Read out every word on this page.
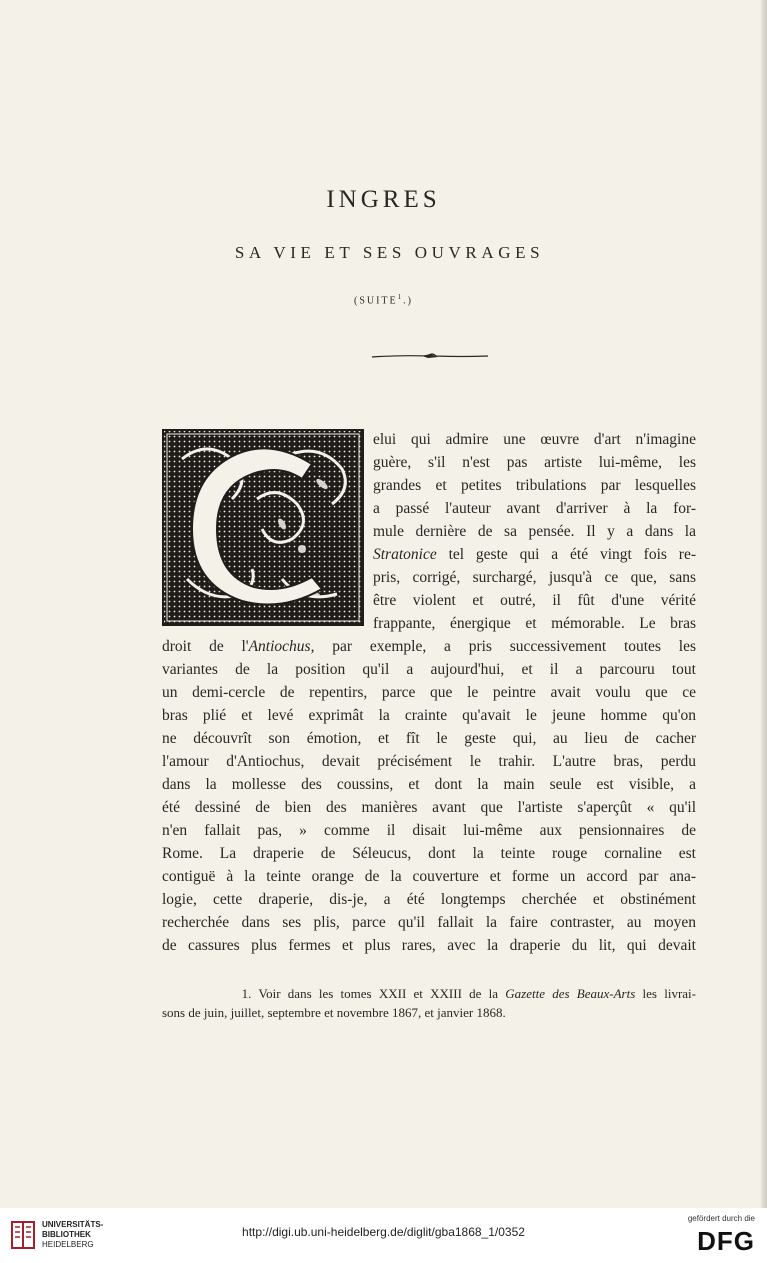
INGRES
SA VIE ET SES OUVRAGES
(SUITE$^1$.)
elui qui admire une œuvre d'art n'imagine
guère, s'il n'est pas artiste lui-même, les
grandes et petites tribulations par lesquelles
a passé l'auteur avant d'arriver à la for-
mule dernière de sa pensée. Il y a dans la
Stratonice tel geste qui a été vingt fois re-
pris, corrigé, surchargé, jusqu'à ce que, sans
être violent et outré, il fût d'une vérité
frappante, énergique et mémorable. Le bras
droit de l'Antiochus, par exemple, a pris successivement toutes les
variantes de la position qu'il a aujourd'hui, et il a parcouru tout
un demi-cercle de repentirs, parce que le peintre avait voulu que ce
bras plié et levé exprimât la crainte qu'avait le jeune homme qu'on
ne découvrît son émotion, et fît le geste qui, au lieu de cacher
l'amour d'Antiochus, devait précisément le trahir. L'autre bras, perdu
dans la mollesse des coussins, et dont la main seule est visible, a
été dessiné de bien des manières avant que l'artiste s'aperçût « qu'il
n'en fallait pas, » comme il disait lui-même aux pensionnaires de
Rome. La draperie de Séleucus, dont la teinte rouge cornaline est
contiguë à la teinte orange de la couverture et forme un accord par ana-
logie, cette draperie, dis-je, a été longtemps cherchée et obstinément
recherchée dans ses plis, parce qu'il fallait la faire contraster, au moyen
de cassures plus fermes et plus rares, avec la draperie du lit, qui devait
1. Voir dans les tomes XXII et XXIII de la Gazette des Beaux-Arts les livrai-
sons de juin, juillet, septembre et novembre 1867, et janvier 1868.
UNIVERSITÄTS-
BIBLIOTHEK
HEIDELBERG
http://digi.ub.uni-heidelberg.de/diglit/gba1868_1/0352
gefördert durch die
DFG
